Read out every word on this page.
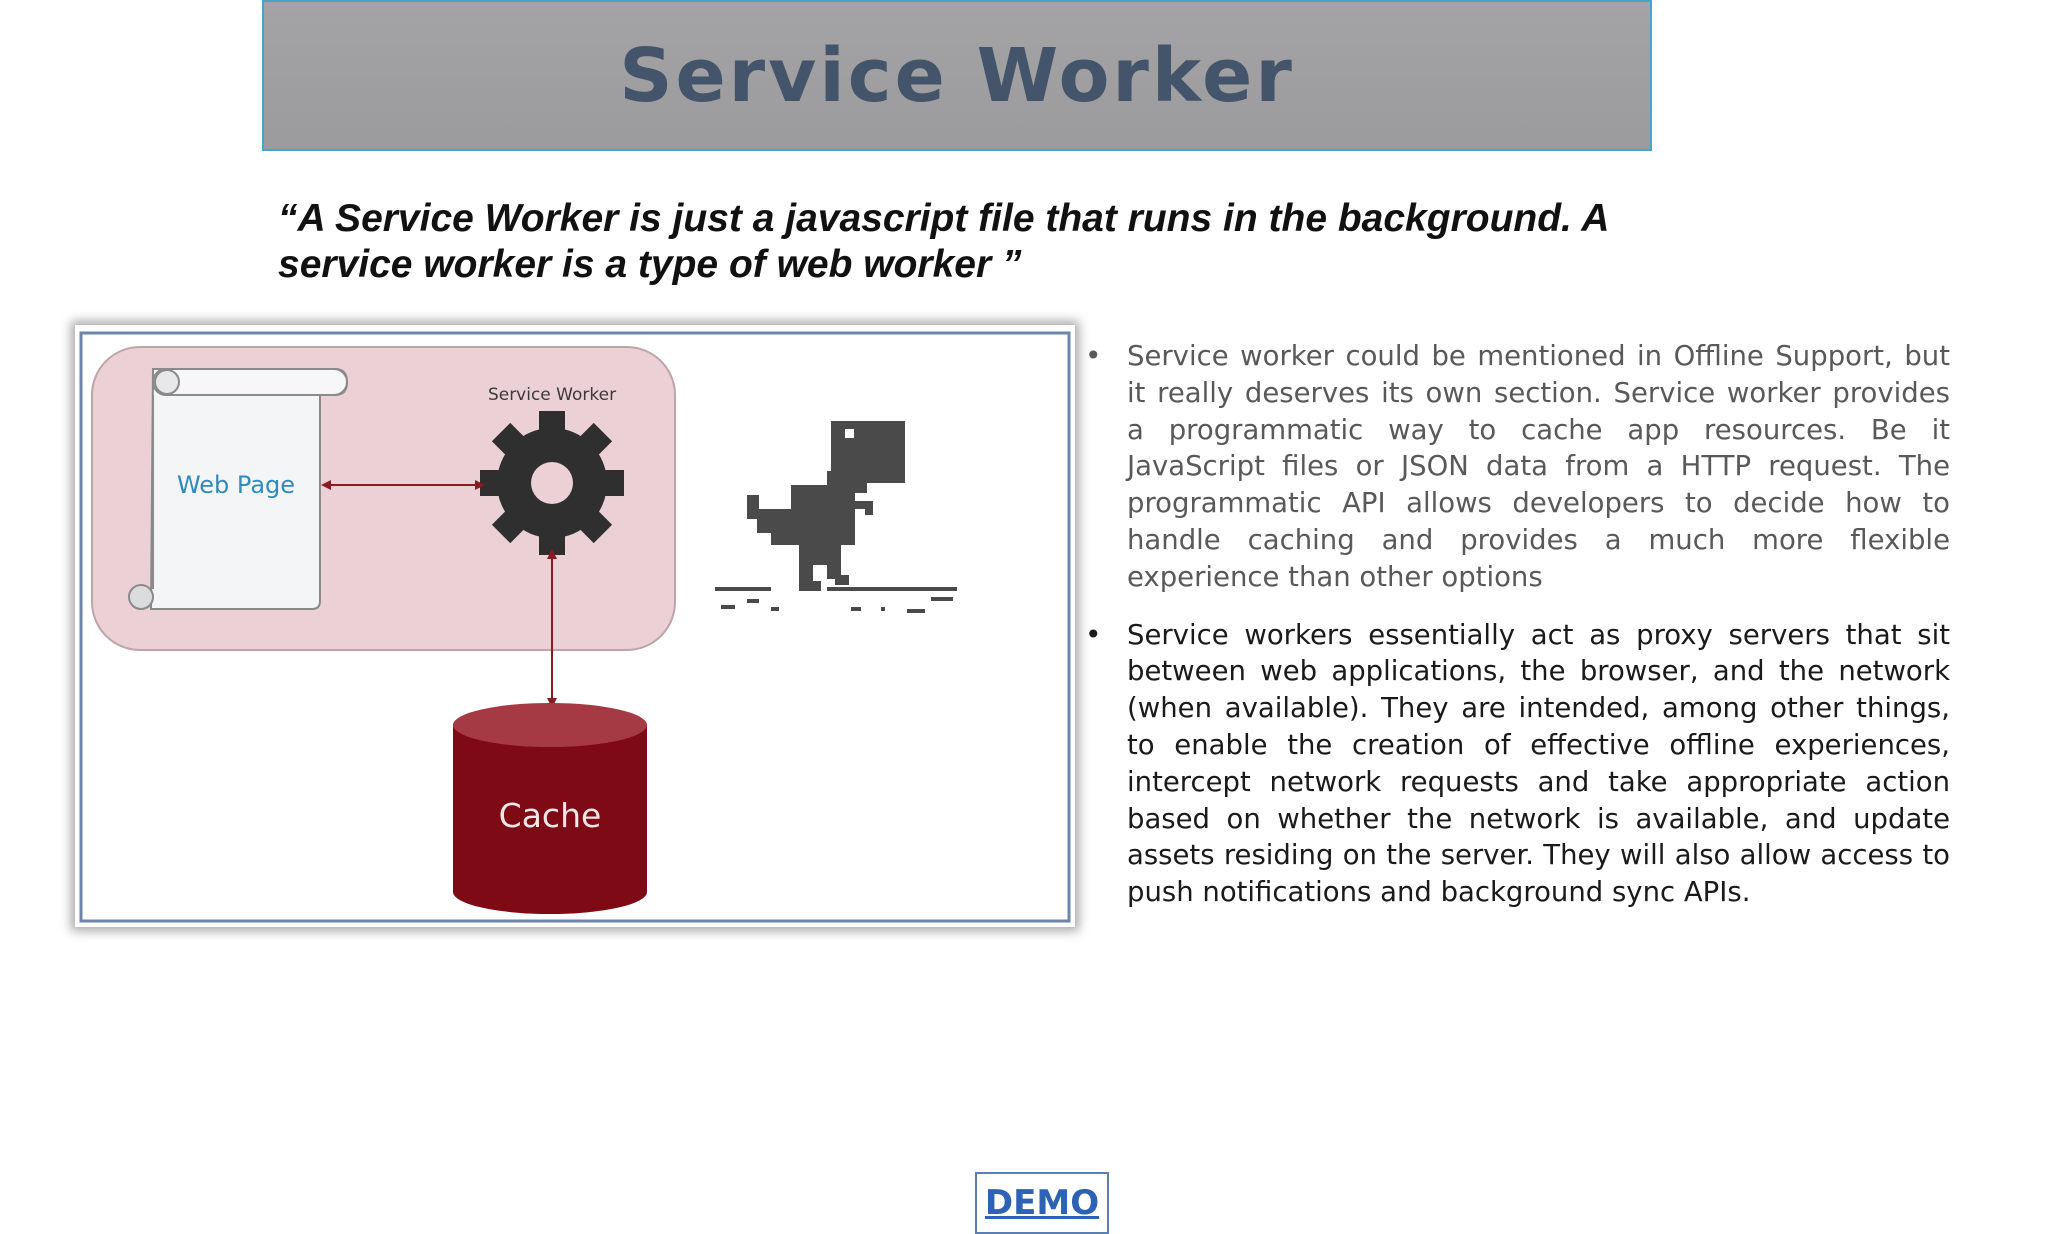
Service Worker
“A Service Worker is just a javascript file that runs in the background. A service worker is a type of web worker ”
Web Page
Service Worker
Cache
DEMO
• Service worker could be mentioned in Offline Support, but it really deserves its own section. Service worker provides a programmatic way to cache app resources. Be it JavaScript files or JSON data from a HTTP request. The programmatic API allows developers to decide how to handle caching and provides a much more flexible experience than other options
• Service workers essentially act as proxy servers that sit between web applications, the browser, and the network (when available). They are intended, among other things, to enable the creation of effective offline experiences, intercept network requests and take appropriate action based on whether the network is available, and update assets residing on the server. They will also allow access to push notifications and background sync APIs.
